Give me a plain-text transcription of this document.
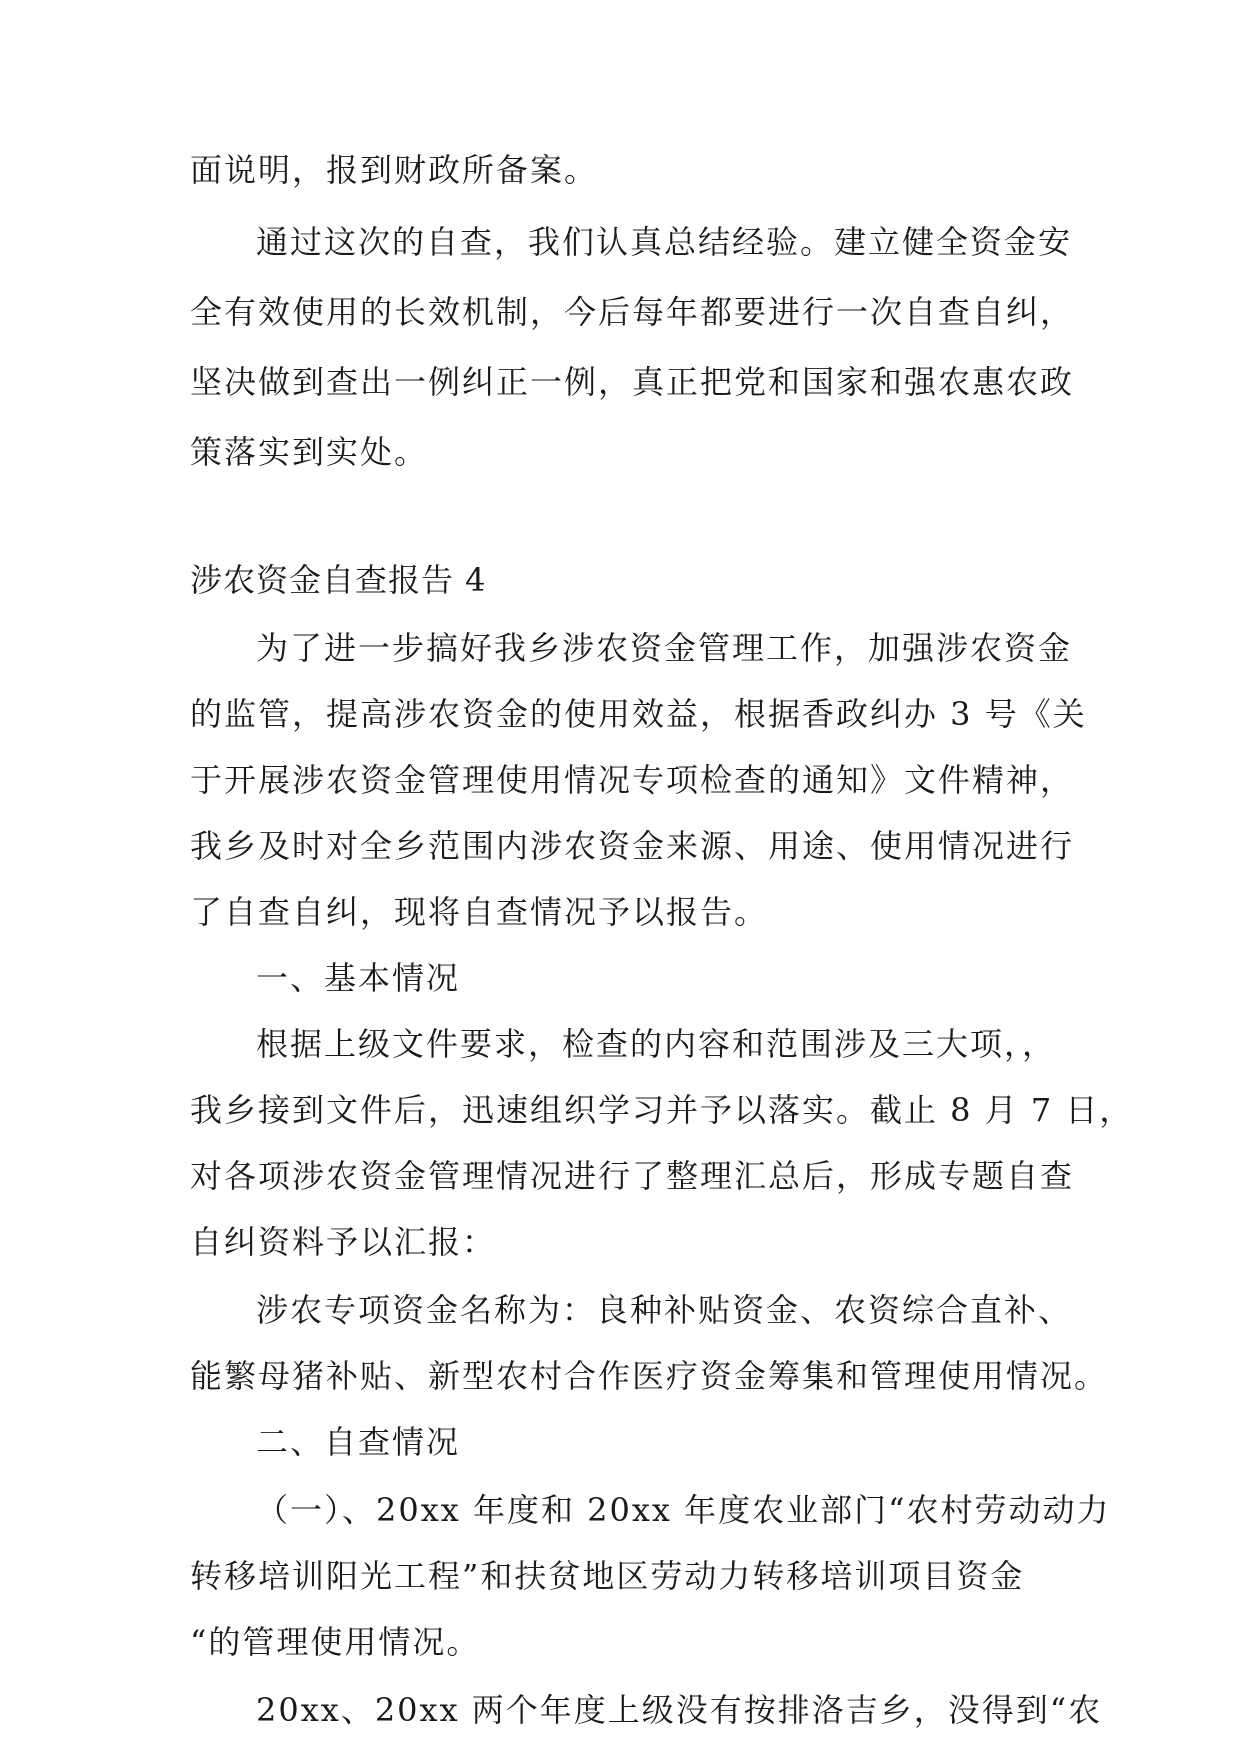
面说明，报到财政所备案。
通过这次的自查，我们认真总结经验。建立健全资金安
全有效使用的长效机制，今后每年都要进行一次自查自纠，
坚决做到查出一例纠正一例，真正把党和国家和强农惠农政
策落实到实处。
涉农资金自查报告 4
为了进一步搞好我乡涉农资金管理工作，加强涉农资金
的监管，提高涉农资金的使用效益，根据香政纠办 3 号《关
于开展涉农资金管理使用情况专项检查的通知》文件精神，
我乡及时对全乡范围内涉农资金来源、用途、使用情况进行
了自查自纠，现将自查情况予以报告。
一、基本情况
根据上级文件要求，检查的内容和范围涉及三大项，，
我乡接到文件后，迅速组织学习并予以落实。截止 8 月 7 日，
对各项涉农资金管理情况进行了整理汇总后，形成专题自查
自纠资料予以汇报：
涉农专项资金名称为：良种补贴资金、农资综合直补、
能繁母猪补贴、新型农村合作医疗资金筹集和管理使用情况。
二、自查情况
（一）、20xx 年度和 20xx 年度农业部门“农村劳动动力
转移培训阳光工程”和扶贫地区劳动力转移培训项目资金
“的管理使用情况。
20xx、20xx 两个年度上级没有按排洛吉乡，没得到“农
